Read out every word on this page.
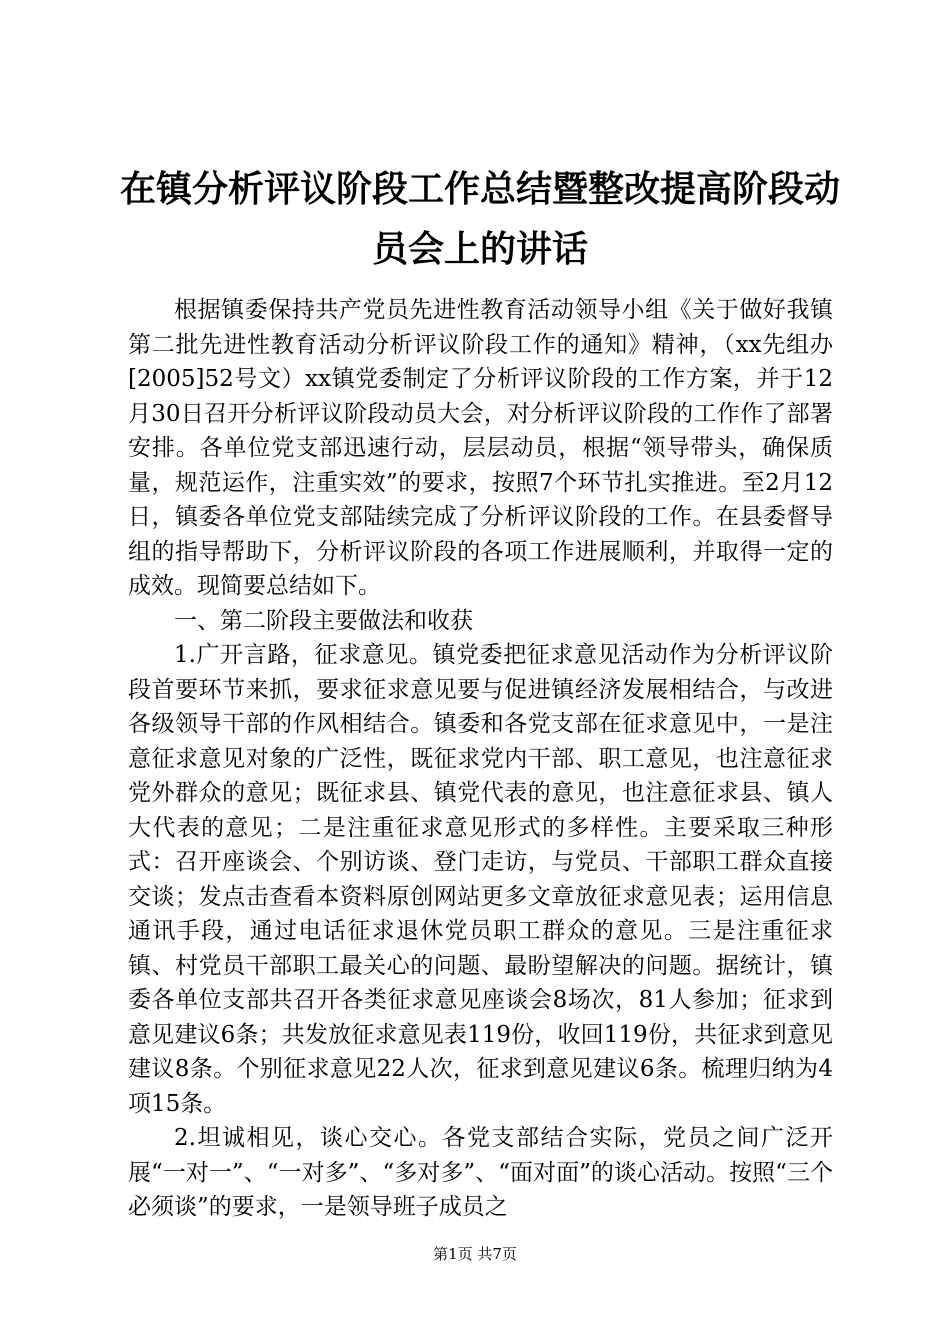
在镇分析评议阶段工作总结暨整改提高阶段动员会上的讲话

根据镇委保持共产党员先进性教育活动领导小组《关于做好我镇第二批先进性教育活动分析评议阶段工作的通知》精神，（xx先组办[2005]52号文）xx镇党委制定了分析评议阶段的工作方案，并于12月30日召开分析评议阶段动员大会，对分析评议阶段的工作作了部署安排。各单位党支部迅速行动，层层动员，根据“领导带头，确保质量，规范运作，注重实效”的要求，按照7个环节扎实推进。至2月12日，镇委各单位党支部陆续完成了分析评议阶段的工作。在县委督导组的指导帮助下，分析评议阶段的各项工作进展顺利，并取得一定的成效。现简要总结如下。

一、第二阶段主要做法和收获

1.广开言路，征求意见。镇党委把征求意见活动作为分析评议阶段首要环节来抓，要求征求意见要与促进镇经济发展相结合，与改进各级领导干部的作风相结合。镇委和各党支部在征求意见中，一是注意征求意见对象的广泛性，既征求党内干部、职工意见，也注意征求党外群众的意见；既征求县、镇党代表的意见，也注意征求县、镇人大代表的意见；二是注重征求意见形式的多样性。主要采取三种形式：召开座谈会、个别访谈、登门走访，与党员、干部职工群众直接交谈；发点击查看本资料原创网站更多文章放征求意见表；运用信息通讯手段，通过电话征求退休党员职工群众的意见。三是注重征求镇、村党员干部职工最关心的问题、最盼望解决的问题。据统计，镇委各单位支部共召开各类征求意见座谈会8场次，81人参加；征求到意见建议6条；共发放征求意见表119份，收回119份，共征求到意见建议8条。个别征求意见22人次，征求到意见建议6条。梳理归纳为4项15条。

2.坦诚相见，谈心交心。各党支部结合实际，党员之间广泛开展“一对一”、“一对多”、“多对多”、“面对面”的谈心活动。按照“三个必须谈”的要求，一是领导班子成员之

第1页 共7页
